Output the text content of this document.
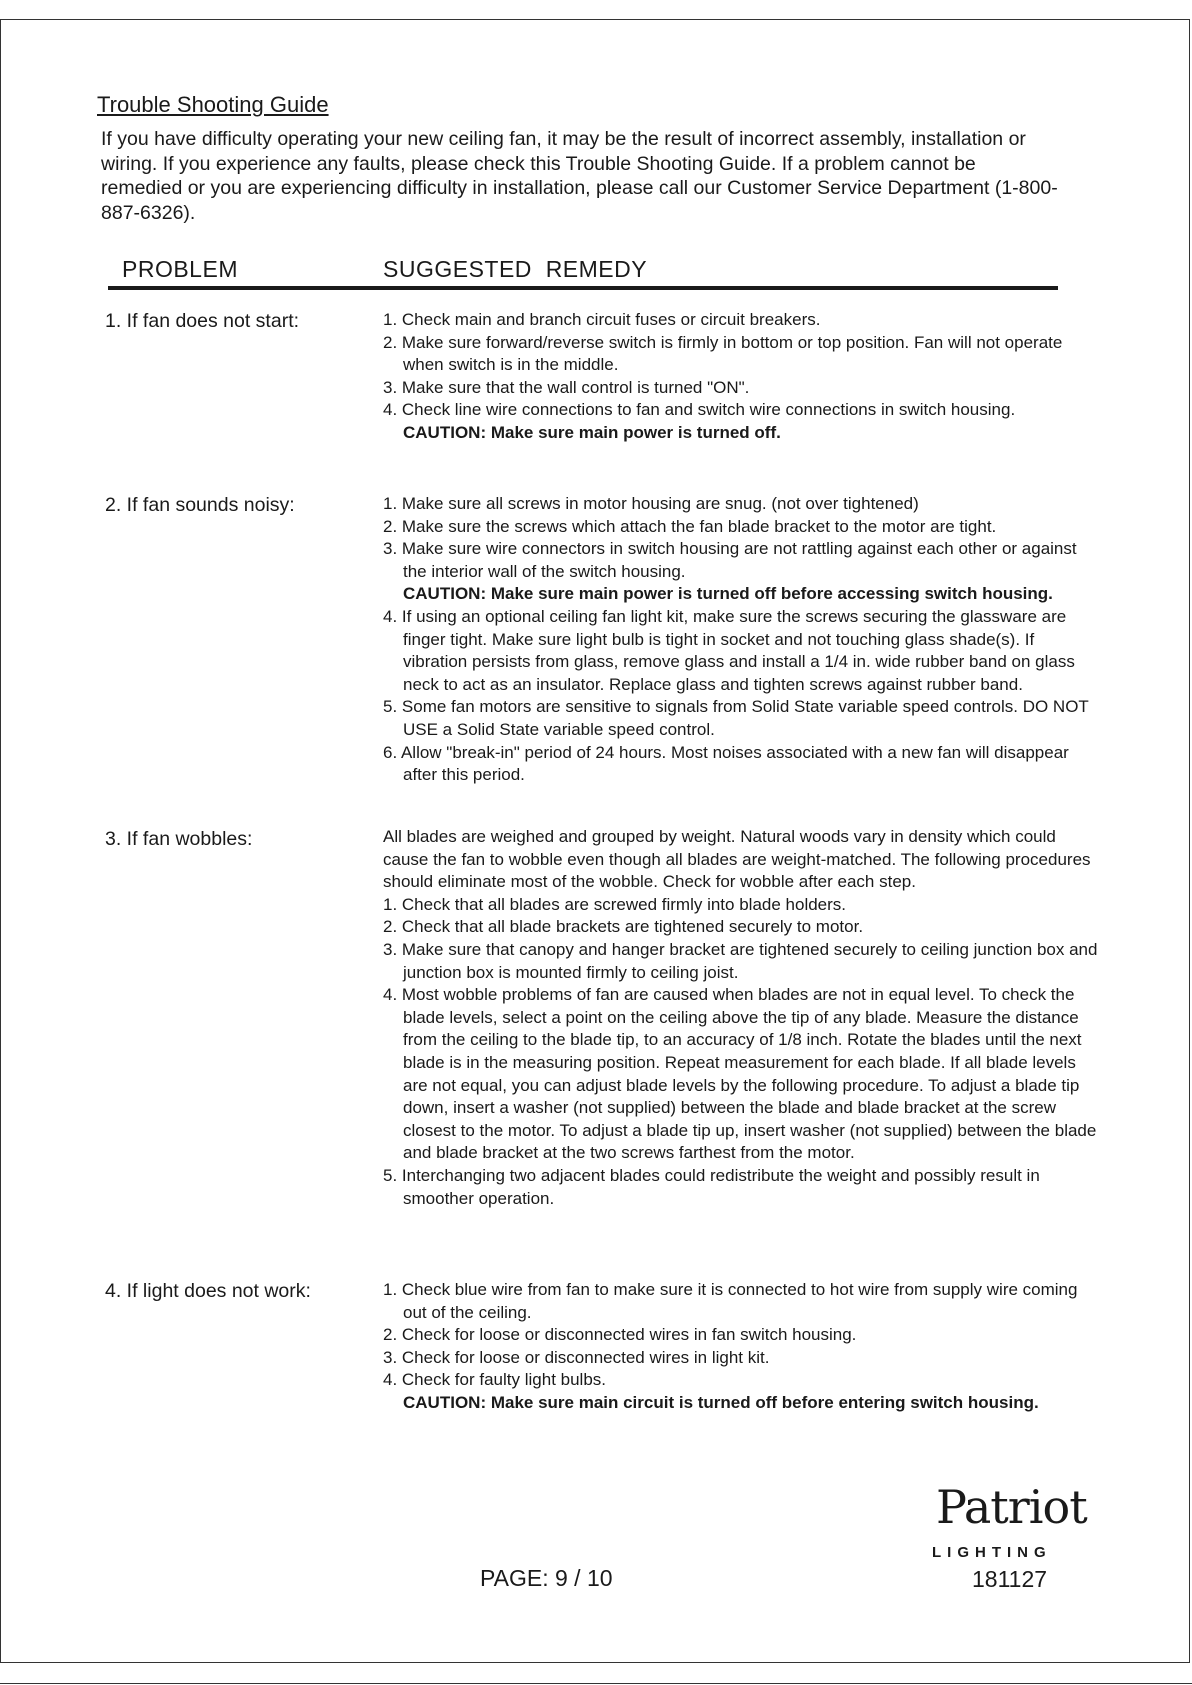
Trouble Shooting Guide
If you have difficulty operating your new ceiling fan, it may be the result of incorrect assembly, installation or wiring. If you experience any faults, please check this Trouble Shooting Guide. If a problem cannot be remedied or you are experiencing difficulty in installation, please call our Customer Service Department (1-800-887-6326).
PROBLEM	SUGGESTED  REMEDY
1. If fan does not start:	1. Check main and branch circuit fuses or circuit breakers.
2. Make sure forward/reverse switch is firmly in bottom or top position. Fan will not operate when switch is in the middle.
3. Make sure that the wall control is turned "ON".
4. Check line wire connections to fan and switch wire connections in switch housing.
CAUTION: Make sure main power is turned off.
2. If fan sounds noisy:	1. Make sure all screws in motor housing are snug. (not over tightened)
2. Make sure the screws which attach the fan blade bracket to the motor are tight.
3. Make sure wire connectors in switch housing are not rattling against each other or against the interior wall of the switch housing.
CAUTION: Make sure main power is turned off before accessing switch housing.
4. If using an optional ceiling fan light kit, make sure the screws securing the glassware are finger tight. Make sure light bulb is tight in socket and not touching glass shade(s). If vibration persists from glass, remove glass and install a 1/4 in. wide rubber band on glass neck to act as an insulator. Replace glass and tighten screws against rubber band.
5. Some fan motors are sensitive to signals from Solid State variable speed controls. DO NOT USE a Solid State variable speed control.
6. Allow "break-in" period of 24 hours. Most noises associated with a new fan will disappear after this period.
3. If fan wobbles:	All blades are weighed and grouped by weight. Natural woods vary in density which could cause the fan to wobble even though all blades are weight-matched. The following procedures should eliminate most of the wobble. Check for wobble after each step.
1. Check that all blades are screwed firmly into blade holders.
2. Check that all blade brackets are tightened securely to motor.
3. Make sure that canopy and hanger bracket are tightened securely to ceiling junction box and junction box is mounted firmly to ceiling joist.
4. Most wobble problems of fan are caused when blades are not in equal level. To check the blade levels, select a point on the ceiling above the tip of any blade. Measure the distance from the ceiling to the blade tip, to an accuracy of 1/8 inch. Rotate the blades until the next blade is in the measuring position. Repeat measurement for each blade. If all blade levels are not equal, you can adjust blade levels by the following procedure. To adjust a blade tip down, insert a washer (not supplied) between the blade and blade bracket at the screw closest to the motor. To adjust a blade tip up, insert washer (not supplied) between the blade and blade bracket at the two screws farthest from the motor.
5. Interchanging two adjacent blades could redistribute the weight and possibly result in smoother operation.
4. If light does not work:	1. Check blue wire from fan to make sure it is connected to hot wire from supply wire coming out of the ceiling.
2. Check for loose or disconnected wires in fan switch housing.
3. Check for loose or disconnected wires in light kit.
4. Check for faulty light bulbs.
CAUTION: Make sure main circuit is turned off before entering switch housing.
PAGE: 9 / 10
Patriot
LIGHTING
181127
